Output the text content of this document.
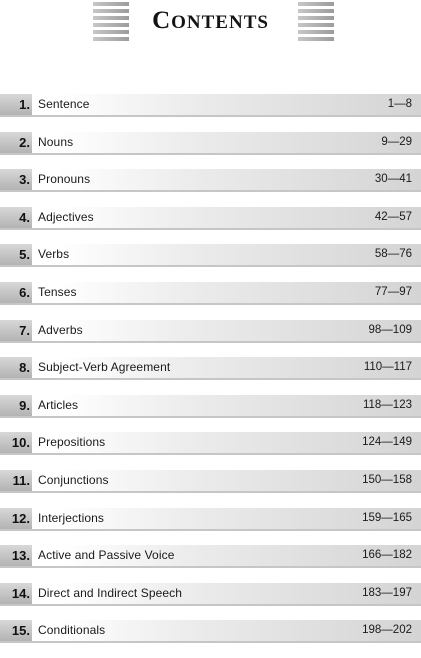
CONTENTS
1. Sentence	1—8
2. Nouns	9—29
3. Pronouns	30—41
4. Adjectives	42—57
5. Verbs	58—76
6. Tenses	77—97
7. Adverbs	98—109
8. Subject-Verb Agreement	110—117
9. Articles	118—123
10. Prepositions	124—149
11. Conjunctions	150—158
12. Interjections	159—165
13. Active and Passive Voice	166—182
14. Direct and Indirect Speech	183—197
15. Conditionals	198—202
